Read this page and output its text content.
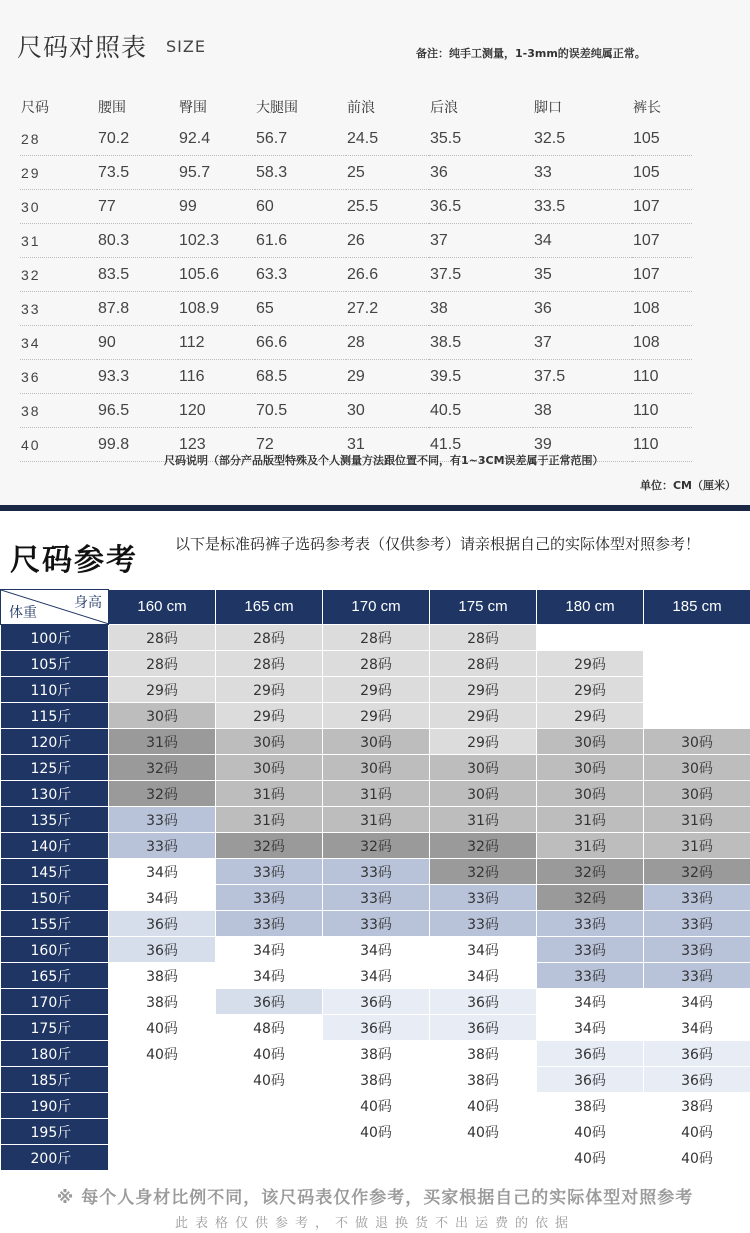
尺码对照表 SIZE	备注：纯手工测量，1-3mm的误差纯属正常。
尺码	腰围	臀围	大腿围	前浪	后浪	脚口	裤长
28	70.2	92.4	56.7	24.5	35.5	32.5	105
29	73.5	95.7	58.3	25	36	33	105
30	77	99	60	25.5	36.5	33.5	107
31	80.3	102.3	61.6	26	37	34	107
32	83.5	105.6	63.3	26.6	37.5	35	107
33	87.8	108.9	65	27.2	38	36	108
34	90	112	66.6	28	38.5	37	108
36	93.3	116	68.5	29	39.5	37.5	110
38	96.5	120	70.5	30	40.5	38	110
40	99.8	123	72	31	41.5	39	110
尺码说明（部分产品版型特殊及个人测量方法跟位置不同，有1~3CM误差属于正常范围）
单位：CM（厘米）
尺码参考 以下是标准码裤子选码参考表（仅供参考）请亲根据自己的实际体型对照参考！
身高
体重	160 cm	165 cm	170 cm	175 cm	180 cm	185 cm
100斤	28码	28码	28码	28码		
105斤	28码	28码	28码	28码	29码	
110斤	29码	29码	29码	29码	29码	
115斤	30码	29码	29码	29码	29码	
120斤	31码	30码	30码	29码	30码	30码
125斤	32码	30码	30码	30码	30码	30码
130斤	32码	31码	31码	30码	30码	30码
135斤	33码	31码	31码	31码	31码	31码
140斤	33码	32码	32码	32码	31码	31码
145斤	34码	33码	33码	32码	32码	32码
150斤	34码	33码	33码	33码	32码	33码
155斤	36码	33码	33码	33码	33码	33码
160斤	36码	34码	34码	34码	33码	33码
165斤	38码	34码	34码	34码	33码	33码
170斤	38码	36码	36码	36码	34码	34码
175斤	40码	48码	36码	36码	34码	34码
180斤	40码	40码	38码	38码	36码	36码
185斤		40码	38码	38码	36码	36码
190斤			40码	40码	38码	38码
195斤			40码	40码	40码	40码
200斤					40码	40码
※ 每个人身材比例不同，该尺码表仅作参考，买家根据自己的实际体型对照参考
此表格仅供参考，不做退换货不出运费的依据
